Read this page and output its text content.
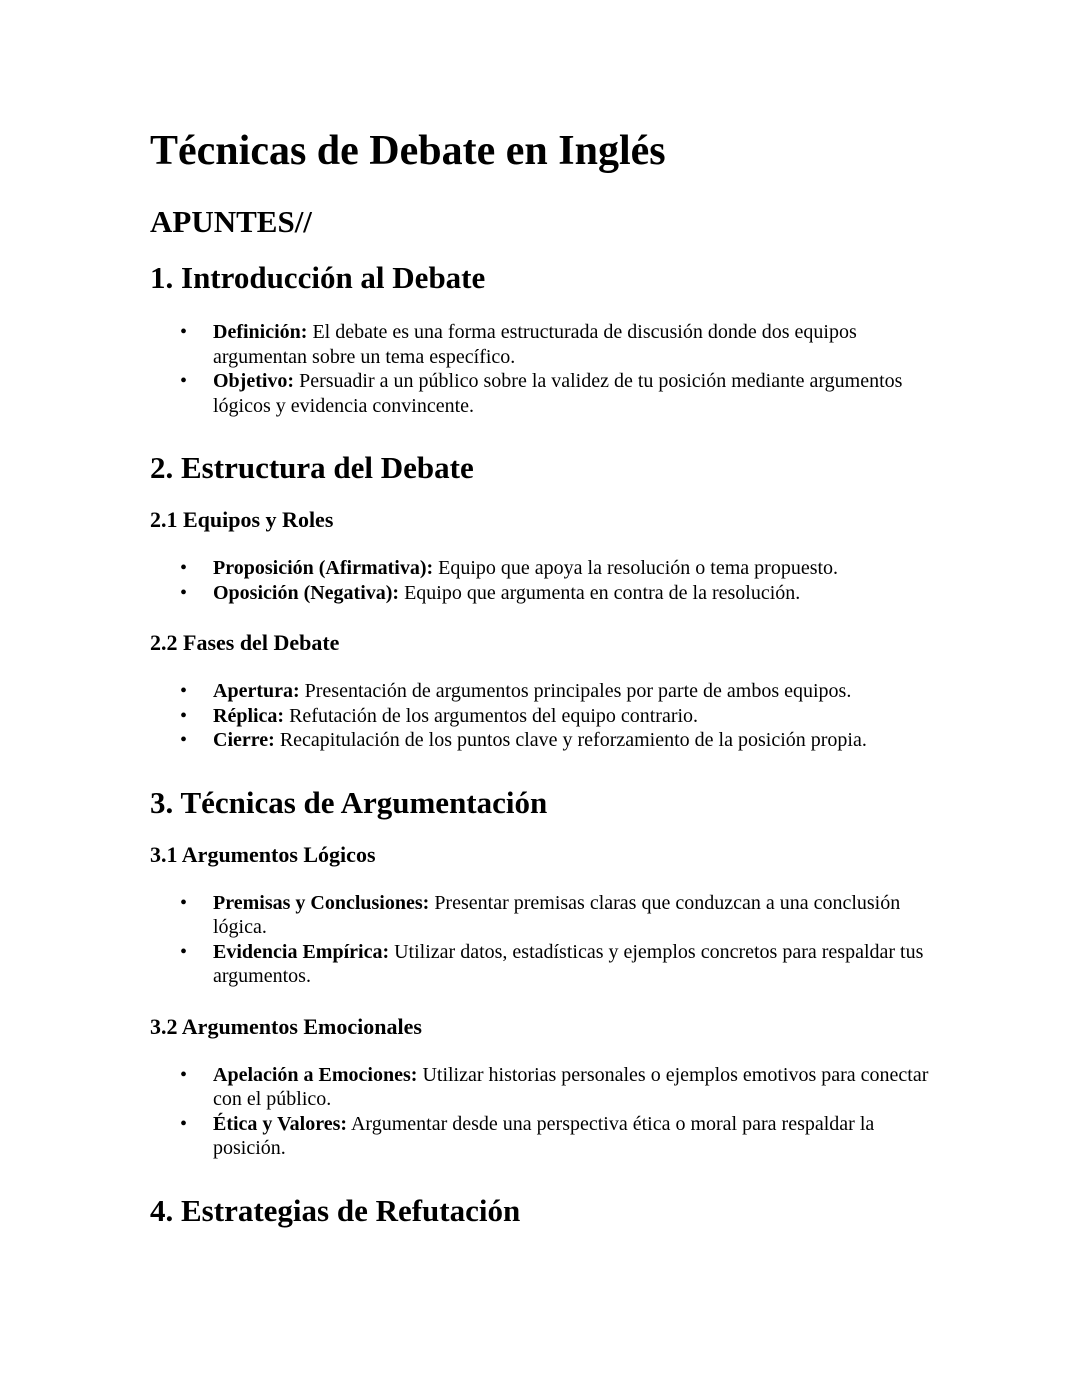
Técnicas de Debate en Inglés
APUNTES//
1. Introducción al Debate
• Definición: El debate es una forma estructurada de discusión donde dos equipos argumentan sobre un tema específico.
• Objetivo: Persuadir a un público sobre la validez de tu posición mediante argumentos lógicos y evidencia convincente.
2. Estructura del Debate
2.1 Equipos y Roles
• Proposición (Afirmativa): Equipo que apoya la resolución o tema propuesto.
• Oposición (Negativa): Equipo que argumenta en contra de la resolución.
2.2 Fases del Debate
• Apertura: Presentación de argumentos principales por parte de ambos equipos.
• Réplica: Refutación de los argumentos del equipo contrario.
• Cierre: Recapitulación de los puntos clave y reforzamiento de la posición propia.
3. Técnicas de Argumentación
3.1 Argumentos Lógicos
• Premisas y Conclusiones: Presentar premisas claras que conduzcan a una conclusión lógica.
• Evidencia Empírica: Utilizar datos, estadísticas y ejemplos concretos para respaldar tus argumentos.
3.2 Argumentos Emocionales
• Apelación a Emociones: Utilizar historias personales o ejemplos emotivos para conectar con el público.
• Ética y Valores: Argumentar desde una perspectiva ética o moral para respaldar la posición.
4. Estrategias de Refutación
